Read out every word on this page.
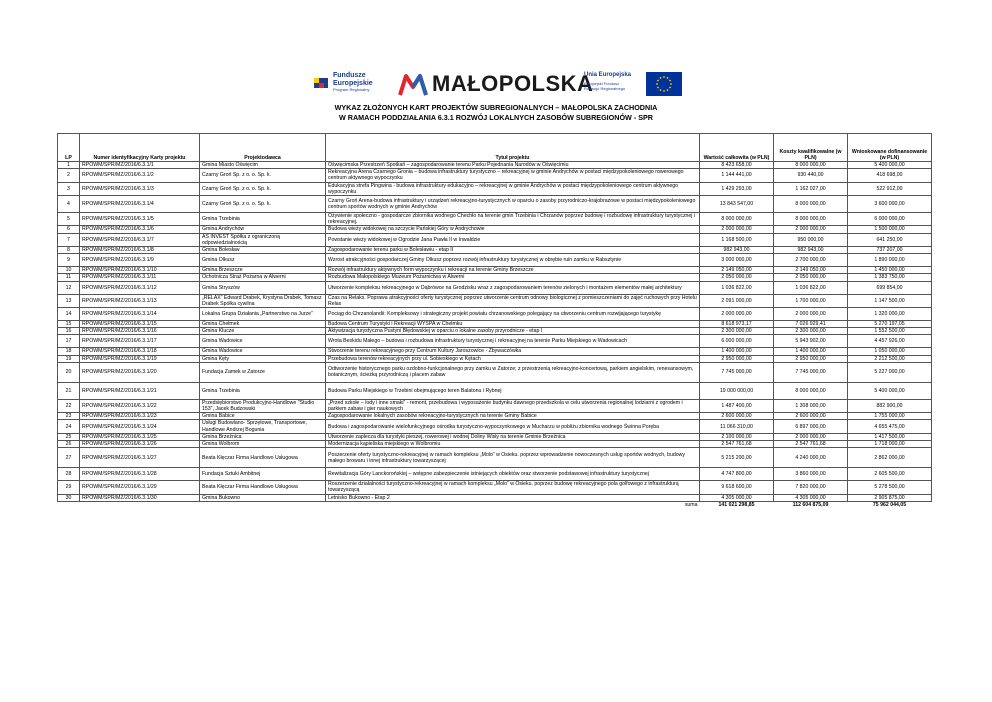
Fundusze
Europejskie
Program Regionalny	MAŁOPOLSKA
Unia Europejska
Europejski Fundusz
Rozwoju Regionalnego
WYKAZ ZŁOŻONYCH KART PROJEKTÓW SUBREGIONALNYCH – MAŁOPOLSKA ZACHODNIA
W RAMACH PODDZIAŁANIA 6.3.1 ROZWÓJ LOKALNYCH ZASOBÓW SUBREGIONÓW - SPR
LP	Numer identyfikacyjny Karty projektu	Projektodawca	Tytuł projektu	Wartość całkowita (w PLN)	Koszty kwalifikowalne (w PLN)	Wnioskowane dofinansowanie (w PLN)
1	RPOWM/SPR/MZ/2016/6.3.1/1	Gmina Miasto Oświęcim	Oświęcimska Przestrzeń Spotkań – zagospodarowanie terenu Parku Pojednania Narodów w Oświęcimiu	8 423 658,00	8 000 000,00	5 400 000,00
2	RPOWM/SPR/MZ/2016/6.3.1/2	Czarny Groń Sp. z o. o. Sp. k.	Rekreacyjna Arena Czarnego Gronia – budowa infrastruktury turystyczno – rekreacyjnej w gminie Andrychów w postaci międzypokoleniowego rowerowego centrum aktywnego wypoczynku	1 144 441,00	930 440,00	418 698,00
3	RPOWM/SPR/MZ/2016/6.3.1/3	Czarny Groń Sp. z o. o. Sp. k.	Edukacyjna strefa Pingwina - budowa infrastruktury edukacyjno – rekreacyjnej w gminie Andrychów w postaci międzypokoleniowego centrum aktywnego wypoczynku	1 429 293,00	1 162 027,00	522 912,00
4	RPOWM/SPR/MZ/2016/6.3.1/4	Czarny Groń Sp. z o. o. Sp. k.	Czarny Groń Arena-budowa infrastruktury i urządzeń rekreacyjno-turystycznych w oparciu o zasoby przyrodniczo-krajobrazowe w postaci międzypokoleniowego centrum sportów wodnych w gminie Andrychów	13 843 547,00	8 000 000,00	3 600 000,00
5	RPOWM/SPR/MZ/2016/6.3.1/5	Gmina Trzebinia	Ożywienie społeczno - gospodarcze zbiornika wodnego Chechło na terenie gmin Trzebinia i Chrzanów poprzez budowę i rozbudowę infrastruktury turystycznej i rekreacyjnej.	8 000 000,00	8 000 000,00	6 000 000,00
6	RPOWM/SPR/MZ/2016/6.3.1/6	Gmina Andrychów	Budowa wieży widokowej na szczycie Pańskiej Góry w Andrychowie	2 000 000,00	2 000 000,00	1 500 000,00
7	RPOWM/SPR/MZ/2016/6.3.1/7	AS INVEST Spółka z ograniczoną odpowiedzialnością	Powstanie wieży widokowej w Ogrodzie Jana Pawła II w Inwałdzie	1 168 500,00	950 000,00	641 250,00
8	RPOWM/SPR/MZ/2016/6.3.1/8	Gmina Bolesław	Zagospodarowanie terenu parku w Bolesławiu - etap II	982 943,00	982 943,00	737 207,00
9	RPOWM/SPR/MZ/2016/6.3.1/9	Gmina Olkusz	Wzrost atrakcyjności gospodarczej Gminy Olkusz poprzez rozwój infrastruktury turystycznej w obrębie ruin zamku w Rabsztynie	3 000 000,00	2 700 000,00	1 890 000,00
10	RPOWM/SPR/MZ/2016/6.3.1/10	Gmina Brzeszcze	Rozwój infrastruktury aktywnych form wypoczynku i rekreacji na terenie Gminy Brzeszcze	2 149 050,00	2 149 050,00	1 450 000,00
11	RPOWM/SPR/MZ/2016/6.3.1/11	Ochotnicza Straż Pożarna w Alwerni	Rozbudowa Małopolskiego Muzeum Pożarnictwa w Alwerni	2 050 000,00	2 050 000,00	1 383 750,00
12	RPOWM/SPR/MZ/2016/6.3.1/12	Gmina Stryszów	Utworzenie kompleksu rekreacyjnego w Dąbrówce na Grodzisku wraz z zagospodarowaniem terenów zielonych i montażem elementów małej architektury	1 036 822,00	1 036 822,00	699 854,00
13	RPOWM/SPR/MZ/2016/6.3.1/13	„RELAX” Edward Drabek, Krystyna Drabek, Tomasz Drabek Spółka cywilna	Czas na Relaks. Poprawa atrakcyjności oferty turystycznej poprzez utworzenie centrum odnowy biologicznej z pomieszczeniami do zajęć ruchowych przy Hotelu Relax	2 091 000,00	1 700 000,00	1 147 500,00
14	RPOWM/SPR/MZ/2016/6.3.1/14	Lokalna Grupa Działania „Partnerstwo na Jurze”	Pociąg do Chrzanolandii: Kompleksowy i strategiczny projekt powiatu chrzanowskiego polegający na utworzeniu centrum rozwijającego turystykę	2 000 000,00	2 000 000,00	1 320 000,00
15	RPOWM/SPR/MZ/2016/6.3.1/15	Gmina Chełmek	Budowa Centrum Turystyki i Rekreacji WYSPA w Chełmku	8 618 973,17	7 026 929,41	5 270 197,05
16	RPOWM/SPR/MZ/2016/6.3.1/16	Gmina Klucze	Aktywizacja turystyczna Pustyni Błędowskiej w oparciu o lokalne zasoby przyrodnicze - etap I	2 300 000,00	2 300 000,00	1 552 500,00
17	RPOWM/SPR/MZ/2016/6.3.1/17	Gmina Wadowice	Wrota Beskidu Małego – budowa i rozbudowa infrastruktury turystycznej i rekreacyjnej na terenie Parku Miejskiego w Wadowicach	6 000 000,00	5 943 902,00	4 457 926,00
18	RPOWM/SPR/MZ/2016/6.3.1/18	Gmina Wadowice	Stworzenie terenu rekreacyjnego przy Centrum Kultury Jaroszowice - Zbywaczówka	1 400 000,00	1 400 000,00	1 050 000,00
19	RPOWM/SPR/MZ/2016/6.3.1/19	Gmina Kęty	Przebudowa terenów rekreacyjnych przy ul. Sobieskiego w Kętach	2 950 000,00	2 950 000,00	2 212 500,00
20	RPOWM/SPR/MZ/2016/6.3.1/20	Fundacja Zamek w Zatorze	Odtworzenie historycznego parku ozdobno-funkcjonalnego przy zamku w Zatorze; z przestrzenią rekreacyjno-koncertową, parkiem angielskim, renesansowym, botanicznym, ścieżką przyrodniczą i placem zabaw	7 745 000,00	7 745 000,00	5 227 000,00
21	RPOWM/SPR/MZ/2016/6.3.1/21	Gmina Trzebinia	Budowa Parku Miejskiego w Trzebini obejmującego teren Balatonu i Rybnej	19 000 000,00	8 000 000,00	5 400 000,00
22	RPOWM/SPR/MZ/2016/6.3.1/22	Przedsiębiorstwo Produkcyjno-Handlowe "Studio 153", Jacek Budzowski	„Przed szkołe – lody i inne smaki” - remont, przebudowa i wyposażenie budynku dawnego przedszkola w celu utworzenia regionalnej lodziarni z ogrodem i parkiem zabaw i gier naukowych	1 487 400,00	1 308 000,00	882 900,00
23	RPOWM/SPR/MZ/2016/6.3.1/23	Gmina Babice	Zagospodarowanie lokalnych zasobów rekreacyjno-turystycznych na terenie Gminy Babice	2 600 000,00	2 600 000,00	1 755 000,00
24	RPOWM/SPR/MZ/2016/6.3.1/24	Usługi Budowlano- Sprzętowe, Transportowe, Handlowe Andrzej Bogunia	Budowa i zagospodarowanie wielofunkcyjnego ośrodka turystyczno-wypoczynkowego w Mucharzu w pobliżu zbiornika wodnego Świnna Poręba	11 066 310,00	6 897 000,00	4 655 475,00
25	RPOWM/SPR/MZ/2016/6.3.1/25	Gmina Brzeźnica	Utworzenie zaplecza dla turystyki pieszej, rowerowej i wodnej Doliny Wisły na terenie Gminie Brzeźnica	2 100 000,00	2 000 000,00	1 417 500,00
26	RPOWM/SPR/MZ/2016/6.3.1/26	Gmina Wolbrom	Modernizacja kąpieliska miejskiego w Wolbromiu	2 547 761,68	2 547 761,68	1 718 000,00
27	RPOWM/SPR/MZ/2016/6.3.1/27	Beata Kłęczar Firma Handlowo Usługowa	Poszerzenie oferty turystyczno-rekreacyjnej w ramach kompleksu „Molo” w Osieku. poprzez wprowadzenie nowoczesnych usług sportów wodnych, budowy małego browaru i innej infrastruktury towarzyszącej	5 215 200,00	4 240 000,00	2 862 000,00
28	RPOWM/SPR/MZ/2016/6.3.1/28	Fundacja Sztuki Ambitnej	Rewitalizacja Góry Lanckorońskiej – wstępne zabezpieczenie istniejących obiektów oraz stworzenie podstawowej infrastruktury turystycznej	4 747 800,00	3 860 000,00	2 605 500,00
29	RPOWM/SPR/MZ/2016/6.3.1/29	Beata Kłęczar Firma Handlowo Usługowa	Roszerzenie działalności turystyczno-rekreacyjnej w ramach kompleksu „Molo” w Osieku. poprzez budowę rekreacyjnego pola golfowego z infrastrukturą towarzyszącą	9 618 600,00	7 820 000,00	5 278 500,00
30	RPOWM/SPR/MZ/2016/6.3.1/30	Gmina Bukowno	Letnisko Bukowno - Etap 2	4 305 000,00	4 305 000,00	2 905 875,00
			suma	141 021 298,85	112 604 875,09	75 962 044,05
